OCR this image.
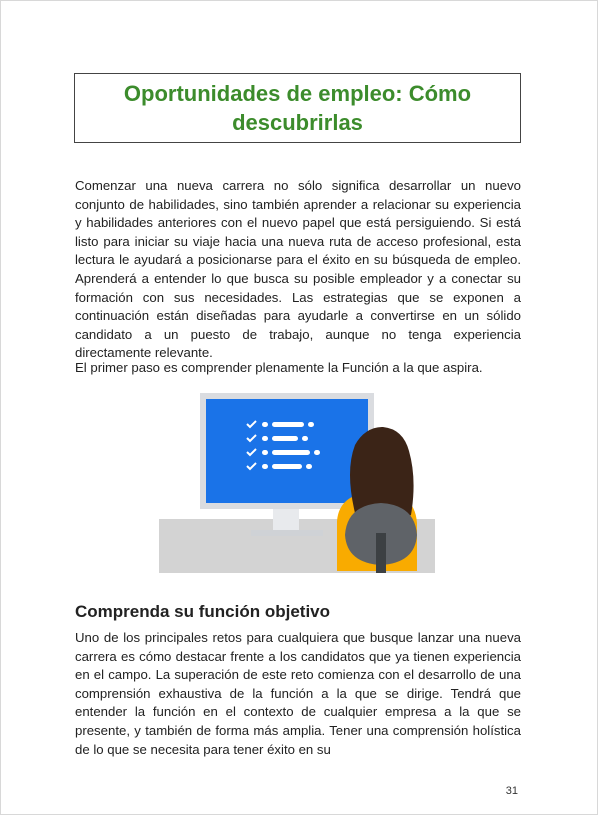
Oportunidades de empleo: Cómo descubrirlas

Comenzar una nueva carrera no sólo significa desarrollar un nuevo conjunto de habilidades, sino también aprender a relacionar su experiencia y habilidades anteriores con el nuevo papel que está persiguiendo. Si está listo para iniciar su viaje hacia una nueva ruta de acceso profesional, esta lectura le ayudará a posicionarse para el éxito en su búsqueda de empleo. Aprenderá a entender lo que busca su posible empleador y a conectar su formación con sus necesidades. Las estrategias que se exponen a continuación están diseñadas para ayudarle a convertirse en un sólido candidato a un puesto de trabajo, aunque no tenga experiencia directamente relevante.

El primer paso es comprender plenamente la Función a la que aspira.

Comprenda su función objetivo

Uno de los principales retos para cualquiera que busque lanzar una nueva carrera es cómo destacar frente a los candidatos que ya tienen experiencia en el campo. La superación de este reto comienza con el desarrollo de una comprensión exhaustiva de la función a la que se dirige. Tendrá que entender la función en el contexto de cualquier empresa a la que se presente, y también de forma más amplia. Tener una comprensión holística de lo que se necesita para tener éxito en su

31
